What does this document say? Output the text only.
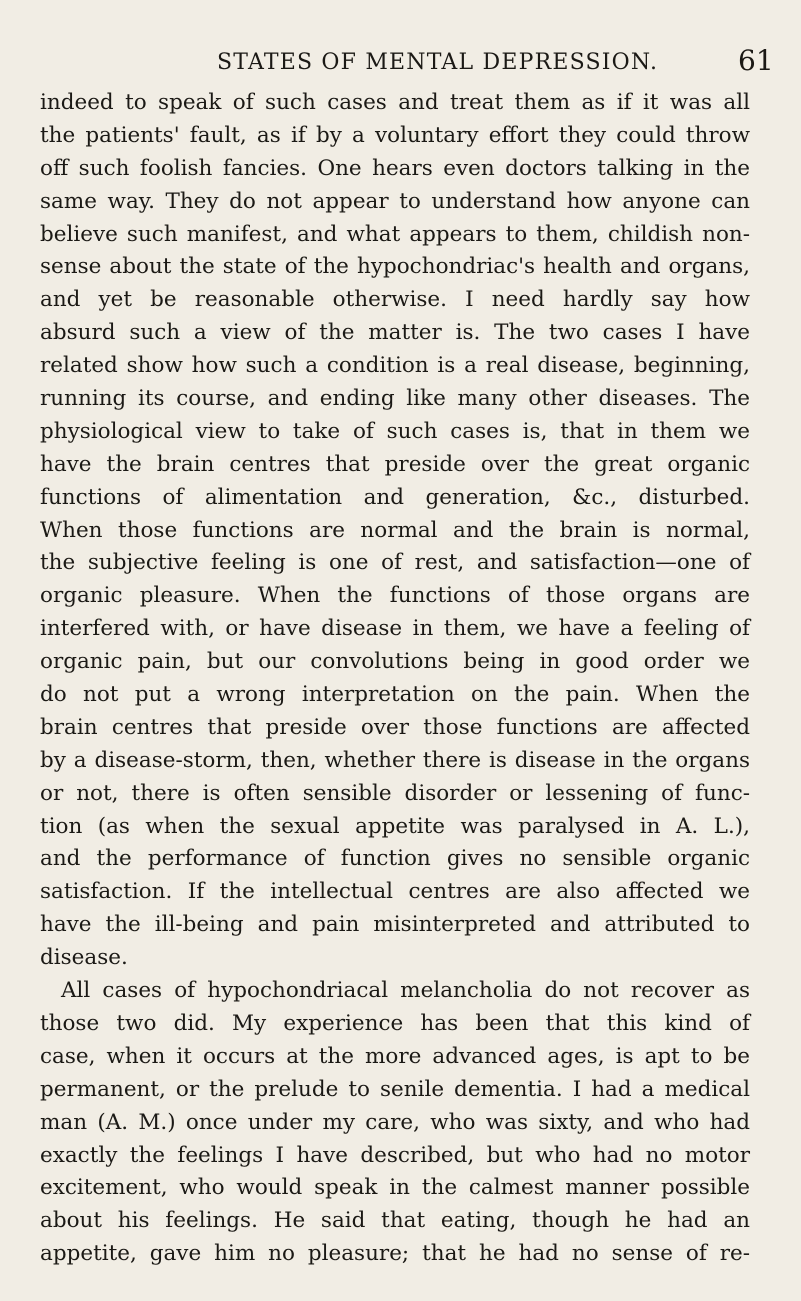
STATES OF MENTAL DEPRESSION.	61
indeed to speak of such cases and treat them as if it was all
the patients' fault, as if by a voluntary effort they could throw
off such foolish fancies. One hears even doctors talking in the
same way. They do not appear to understand how anyone can
believe such manifest, and what appears to them, childish non-
sense about the state of the hypochondriac's health and organs,
and yet be reasonable otherwise. I need hardly say how
absurd such a view of the matter is. The two cases I have
related show how such a condition is a real disease, beginning,
running its course, and ending like many other diseases. The
physiological view to take of such cases is, that in them we
have the brain centres that preside over the great organic
functions of alimentation and generation, &c., disturbed.
When those functions are normal and the brain is normal,
the subjective feeling is one of rest, and satisfaction—one of
organic pleasure. When the functions of those organs are
interfered with, or have disease in them, we have a feeling of
organic pain, but our convolutions being in good order we
do not put a wrong interpretation on the pain. When the
brain centres that preside over those functions are affected
by a disease-storm, then, whether there is disease in the organs
or not, there is often sensible disorder or lessening of func-
tion (as when the sexual appetite was paralysed in A. L.),
and the performance of function gives no sensible organic
satisfaction. If the intellectual centres are also affected we
have the ill-being and pain misinterpreted and attributed to
disease.
All cases of hypochondriacal melancholia do not recover as
those two did. My experience has been that this kind of
case, when it occurs at the more advanced ages, is apt to be
permanent, or the prelude to senile dementia. I had a medical
man (A. M.) once under my care, who was sixty, and who had
exactly the feelings I have described, but who had no motor
excitement, who would speak in the calmest manner possible
about his feelings. He said that eating, though he had an
appetite, gave him no pleasure; that he had no sense of re-
